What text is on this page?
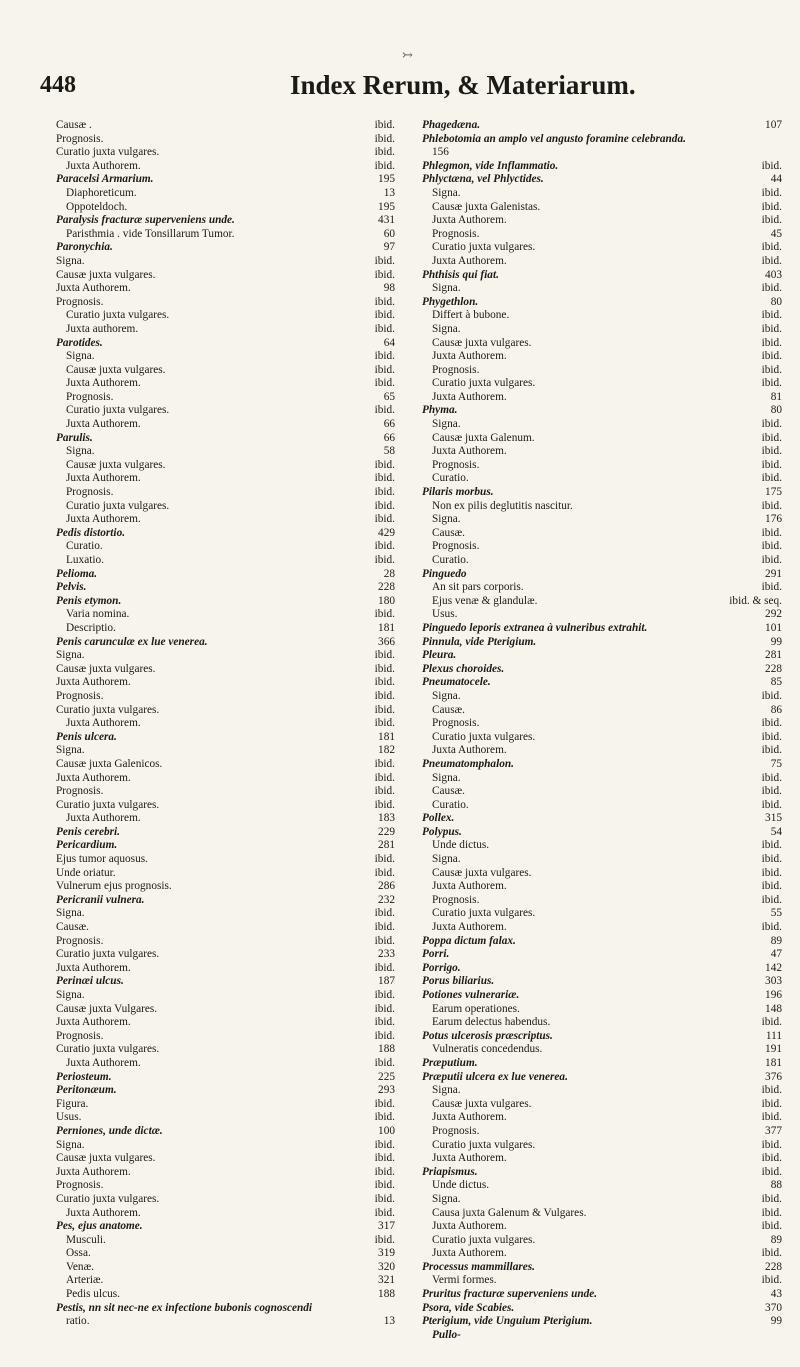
↣
448	Index Rerum, & Materiarum.
Causæ .	ibid.
Prognosis.	ibid.
Curatio juxta vulgares.	ibid.
Juxta Authorem.	ibid.
Paracelsi Armarium.	195
Diaphoreticum.	13
Oppoteldoch.	195
Paralysis fracturæ superveniens unde.	431
Paristhmia . vide Tonsillarum Tumor.	60
Paronychia.	97
Signa.	ibid.
Causæ juxta vulgares.	ibid.
Juxta Authorem.	98
Prognosis.	ibid.
Curatio juxta vulgares.	ibid.
Juxta authorem.	ibid.
Parotides.	64
Signa.	ibid.
Causæ juxta vulgares.	ibid.
Juxta Authorem.	ibid.
Prognosis.	65
Curatio juxta vulgares.	ibid.
Juxta Authorem.	66
Parulis.	66
Signa.	58
Causæ juxta vulgares.	ibid.
Juxta Authorem.	ibid.
Prognosis.	ibid.
Curatio juxta vulgares.	ibid.
Juxta Authorem.	ibid.
Pedis distortio.	429
Curatio.	ibid.
Luxatio.	ibid.
Pelioma.	28
Pelvis.	228
Penis etymon.	180
Varia nomina.	ibid.
Descriptio.	181
Penis carunculæ ex lue venerea.	366
Signa.	ibid.
Causæ juxta vulgares.	ibid.
Juxta Authorem.	ibid.
Prognosis.	ibid.
Curatio juxta vulgares.	ibid.
Juxta Authorem.	ibid.
Penis ulcera.	181
Signa.	182
Causæ juxta Galenicos.	ibid.
Juxta Authorem.	ibid.
Prognosis.	ibid.
Curatio juxta vulgares.	ibid.
Juxta Authorem.	183
Penis cerebri.	229
Pericardium.	281
Ejus tumor aquosus.	ibid.
Unde oriatur.	ibid.
Vulnerum ejus prognosis.	286
Pericranii vulnera.	232
Signa.	ibid.
Causæ.	ibid.
Prognosis.	ibid.
Curatio juxta vulgares.	233
Juxta Authorem.	ibid.
Perinæi ulcus.	187
Signa.	ibid.
Causæ juxta Vulgares.	ibid.
Juxta Authorem.	ibid.
Prognosis.	ibid.
Curatio juxta vulgares.	188
Juxta Authorem.	ibid.
Periosteum.	225
Peritonæum.	293
Figura.	ibid.
Usus.	ibid.
Perniones, unde dictæ.	100
Signa.	ibid.
Causæ juxta vulgares.	ibid.
Juxta Authorem.	ibid.
Prognosis.	ibid.
Curatio juxta vulgares.	ibid.
Juxta Authorem.	ibid.
Pes, ejus anatome.	317
Musculi.	ibid.
Ossa.	319
Venæ.	320
Arteriæ.	321
Pedis ulcus.	188
Pestis, nn sit nec-ne ex infectione bubonis cognoscendi
ratio.	13
Phagedæna.	107
Phlebotomia an amplo vel angusto foramine celebranda.
156
Phlegmon, vide Inflammatio.	ibid.
Phlyctæna, vel Phlyctides.	44
Signa.	ibid.
Causæ juxta Galenistas.	ibid.
Juxta Authorem.	ibid.
Prognosis.	45
Curatio juxta vulgares.	ibid.
Juxta Authorem.	ibid.
Phthisis qui fiat.	403
Signa.	ibid.
Phygethlon.	80
Differt à bubone.	ibid.
Signa.	ibid.
Causæ juxta vulgares.	ibid.
Juxta Authorem.	ibid.
Prognosis.	ibid.
Curatio juxta vulgares.	ibid.
Juxta Authorem.	81
Phyma.	80
Signa.	ibid.
Causæ juxta Galenum.	ibid.
Juxta Authorem.	ibid.
Prognosis.	ibid.
Curatio.	ibid.
Pilaris morbus.	175
Non ex pilis deglutitis nascitur.	ibid.
Signa.	176
Causæ.	ibid.
Prognosis.	ibid.
Curatio.	ibid.
Pinguedo	291
An sit pars corporis.	ibid.
Ejus venæ & glandulæ.	ibid. & seq.
Usus.	292
Pinguedo leporis extranea à vulneribus extrahit.	101
Pinnula, vide Pterigium.	99
Pleura.	281
Plexus choroides.	228
Pneumatocele.	85
Signa.	ibid.
Causæ.	86
Prognosis.	ibid.
Curatio juxta vulgares.	ibid.
Juxta Authorem.	ibid.
Pneumatomphalon.	75
Signa.	ibid.
Causæ.	ibid.
Curatio.	ibid.
Pollex.	315
Polypus.	54
Unde dictus.	ibid.
Signa.	ibid.
Causæ juxta vulgares.	ibid.
Juxta Authorem.	ibid.
Prognosis.	ibid.
Curatio juxta vulgares.	55
Juxta Authorem.	ibid.
Poppa dictum falax.	89
Porri.	47
Porrigo.	142
Porus biliarius.	303
Potiones vulnerariæ.	196
Earum operationes.	148
Earum delectus habendus.	ibid.
Potus ulcerosis præscriptus.	111
Vulneratis concedendus.	191
Præputium.	181
Præputii ulcera ex lue venerea.	376
Signa.	ibid.
Causæ juxta vulgares.	ibid.
Juxta Authorem.	ibid.
Prognosis.	377
Curatio juxta vulgares.	ibid.
Juxta Authorem.	ibid.
Priapismus.	ibid.
Unde dictus.	88
Signa.	ibid.
Causa juxta Galenum & Vulgares.	ibid.
Juxta Authorem.	ibid.
Curatio juxta vulgares.	89
Juxta Authorem.	ibid.
Processus mammillares.	228
Vermi formes.	ibid.
Pruritus fracturæ superveniens unde.	43
Psora, vide Scabies.	370
Pterigium, vide Unguium Pterigium.	99
Pullo-
